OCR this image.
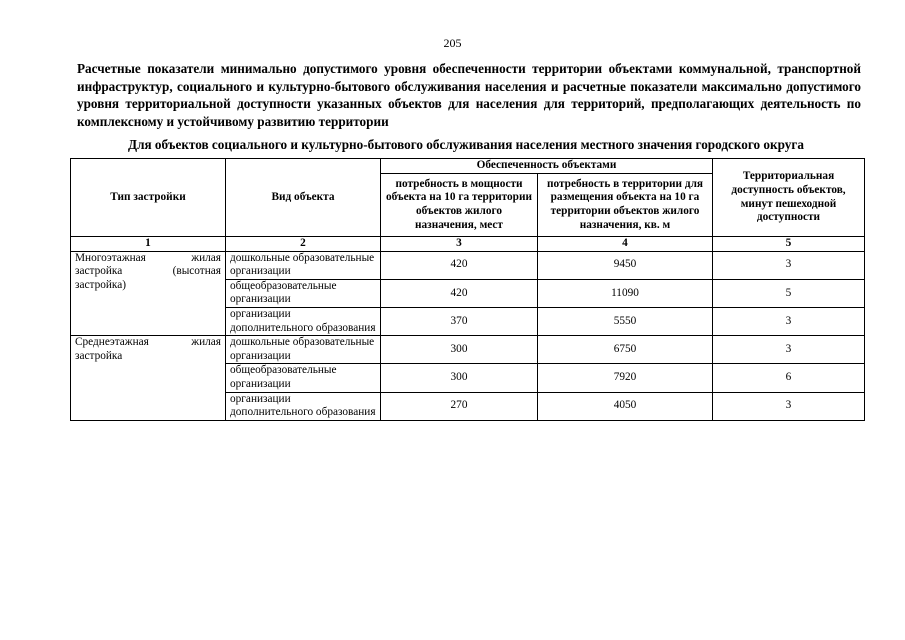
205
Расчетные показатели минимально допустимого уровня обеспеченности территории объектами коммунальной, транспортной инфраструктур, социального и культурно-бытового обслуживания населения и расчетные показатели максимально допустимого уровня территориальной доступности указанных объектов для населения для территорий, предполагающих деятельность по комплексному и устойчивому развитию территории
Для объектов социального и культурно-бытового обслуживания населения местного значения городского округа
Тип застройки	Вид объекта	Обеспеченность объектами		Территориальная доступность объектов, минут пешеходной доступности
		потребность в мощности объекта на 10 га территории объектов жилого назначения, мест	потребность в территории для размещения объекта на 10 га территории объектов жилого назначения, кв. м	
1	2	3	4	5

Многоэтажная жилая
застройка (высотная
застройка)	дошкольные образовательные организации	420	9450	3
	общеобразовательные организации	420	11090	5
	организации дополнительного образования	370	5550	3

Среднеэтажная жилая
застройка	дошкольные образовательные организации	300	6750	3
	общеобразовательные организации	300	7920	6
	организации дополнительного образования	270	4050	3
